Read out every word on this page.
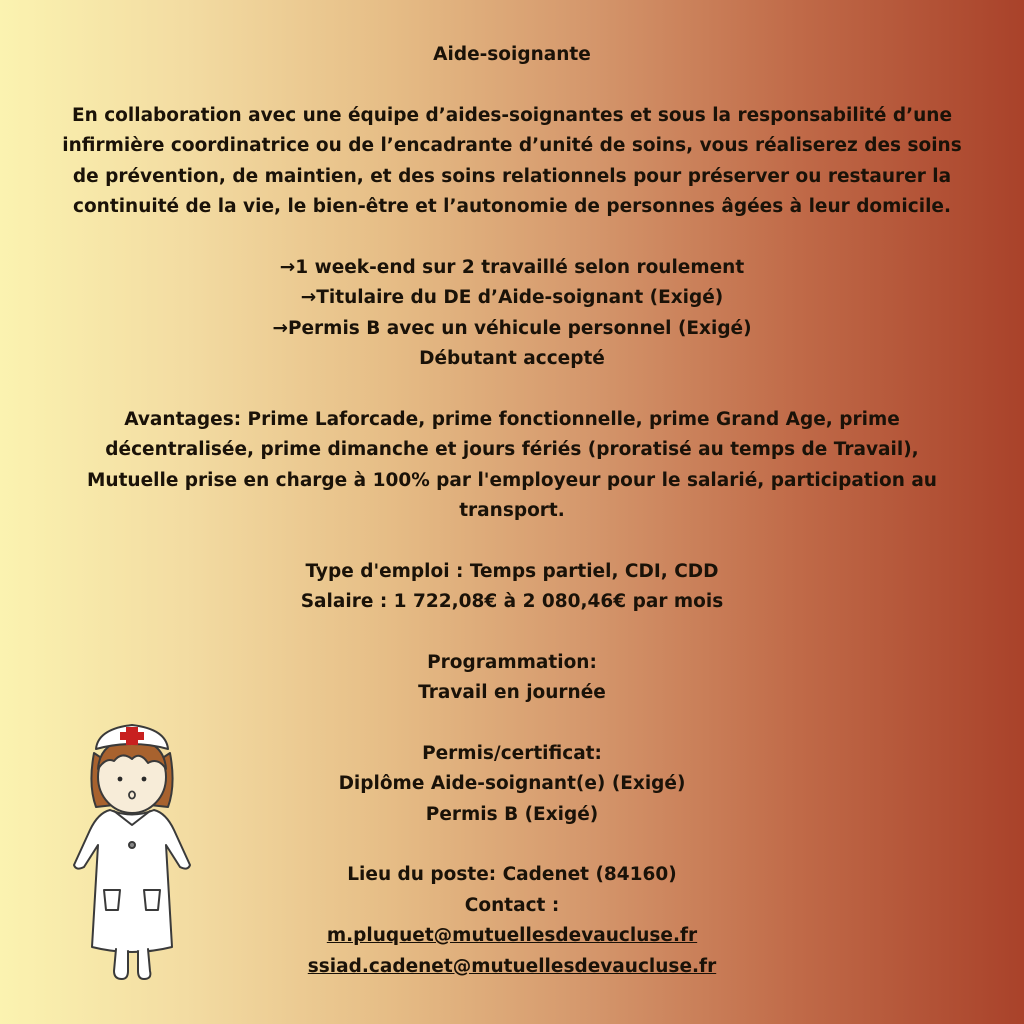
Aide-soignante

En collaboration avec une équipe d’aides-soignantes et sous la responsabilité d’une infirmière coordinatrice ou de l’encadrante d’unité de soins, vous réaliserez des soins de prévention, de maintien, et des soins relationnels pour préserver ou restaurer la continuité de la vie, le bien-être et l’autonomie de personnes âgées à leur domicile.

→1 week-end sur 2 travaillé selon roulement

→Titulaire du DE d’Aide-soignant (Exigé)

→Permis B avec un véhicule personnel (Exigé)

Débutant accepté

Avantages: Prime Laforcade, prime fonctionnelle, prime Grand Age, prime décentralisée, prime dimanche et jours fériés (proratisé au temps de Travail), Mutuelle prise en charge à 100% par l'employeur pour le salarié, participation au transport.

Type d'emploi : Temps partiel, CDI, CDD

Salaire : 1 722,08€ à 2 080,46€ par mois

Programmation:

Travail en journée

Permis/certificat:

Diplôme Aide-soignant(e) (Exigé)

Permis B (Exigé)

Lieu du poste: Cadenet (84160)

Contact :

m.pluquet@mutuellesdevaucluse.fr

ssiad.cadenet@mutuellesdevaucluse.fr
